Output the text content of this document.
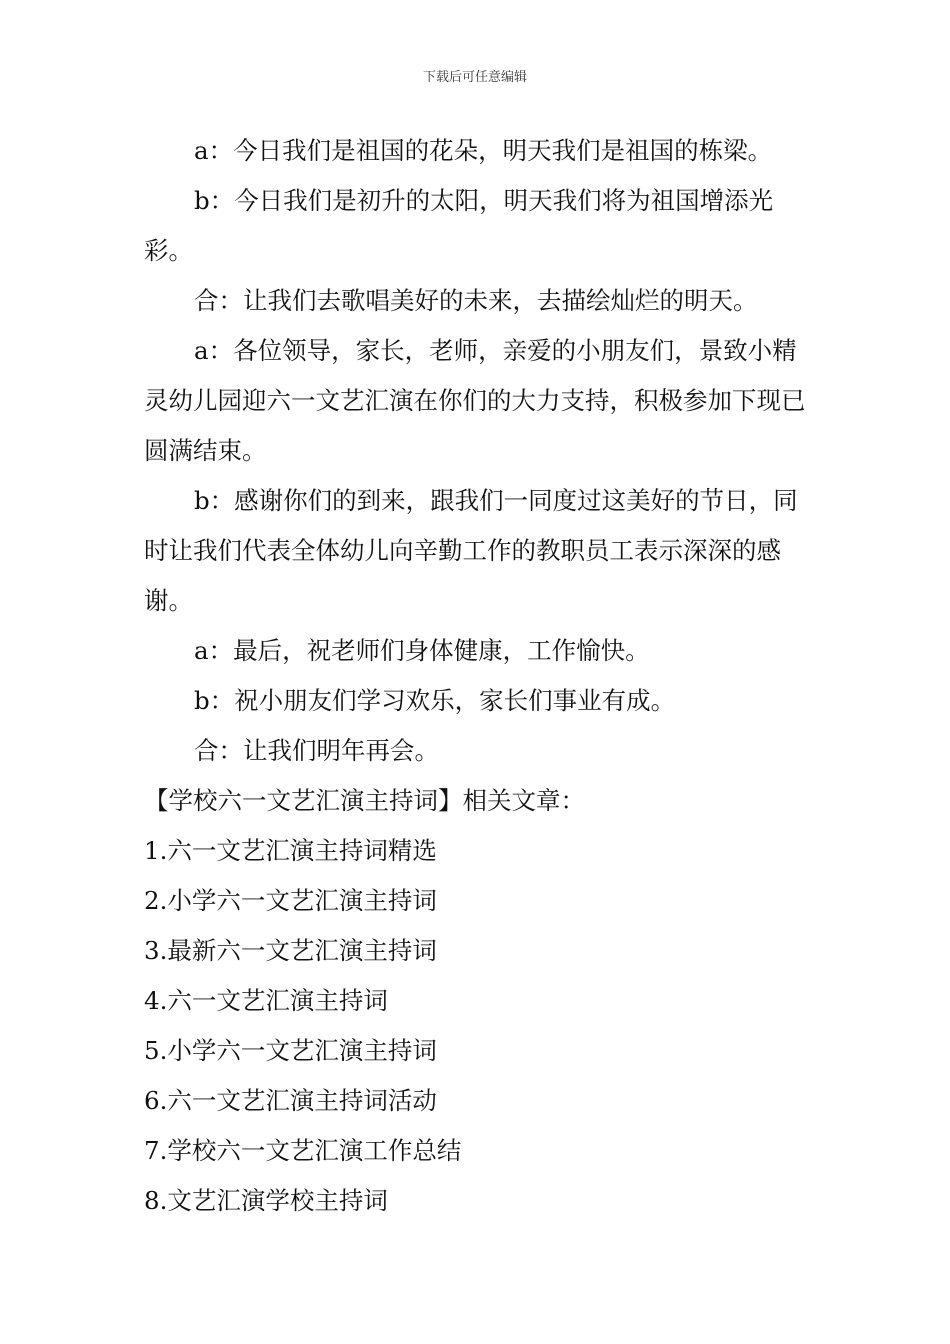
下载后可任意编辑

a：今日我们是祖国的花朵，明天我们是祖国的栋梁。

b：今日我们是初升的太阳，明天我们将为祖国增添光彩。

合：让我们去歌唱美好的未来，去描绘灿烂的明天。

a：各位领导，家长，老师，亲爱的小朋友们，景致小精灵幼儿园迎六一文艺汇演在你们的大力支持，积极参加下现已圆满结束。

b：感谢你们的到来，跟我们一同度过这美好的节日，同时让我们代表全体幼儿向辛勤工作的教职员工表示深深的感谢。

a：最后，祝老师们身体健康，工作愉快。

b：祝小朋友们学习欢乐，家长们事业有成。

合：让我们明年再会。

【学校六一文艺汇演主持词】相关文章：

1.六一文艺汇演主持词精选

2.小学六一文艺汇演主持词

3.最新六一文艺汇演主持词

4.六一文艺汇演主持词

5.小学六一文艺汇演主持词

6.六一文艺汇演主持词活动

7.学校六一文艺汇演工作总结

8.文艺汇演学校主持词
